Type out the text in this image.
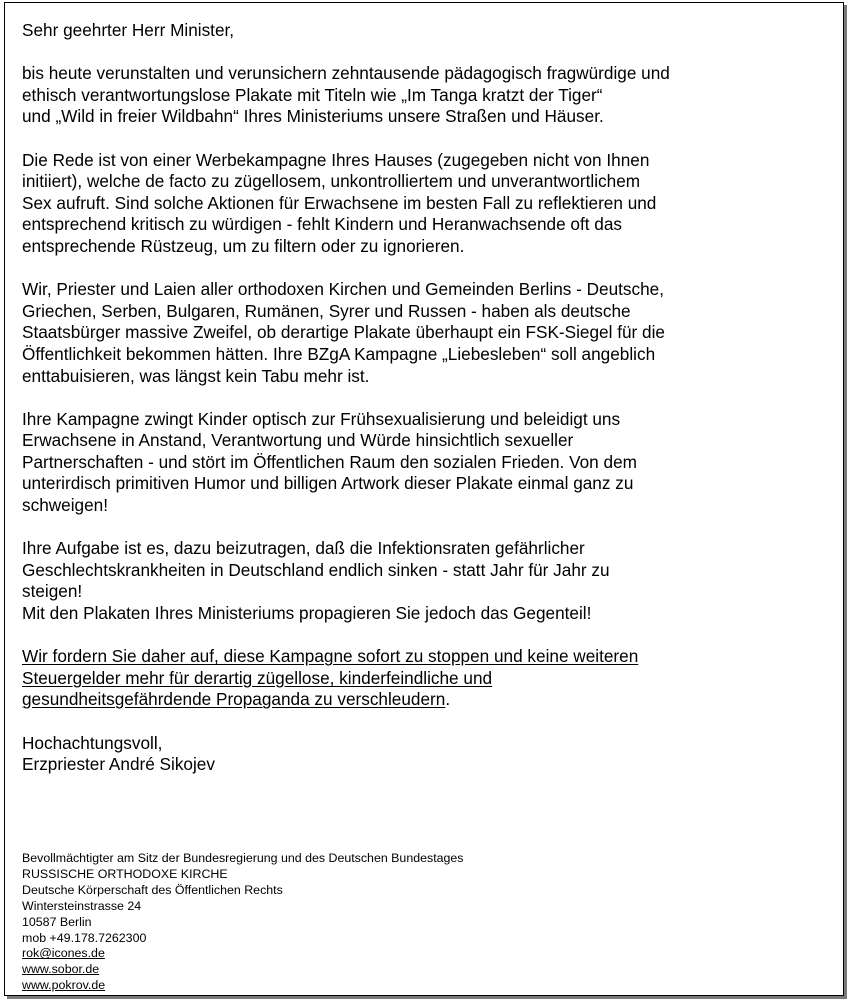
Sehr geehrter Herr Minister,

bis heute verunstalten und verunsichern zehntausende pädagogisch fragwürdige und
ethisch verantwortungslose Plakate mit Titeln wie „Im Tanga kratzt der Tiger“
und „Wild in freier Wildbahn“ Ihres Ministeriums unsere Straßen und Häuser.

Die Rede ist von einer Werbekampagne Ihres Hauses (zugegeben nicht von Ihnen
initiiert), welche de facto zu zügellosem, unkontrolliertem und unverantwortlichem
Sex aufruft. Sind solche Aktionen für Erwachsene im besten Fall zu reflektieren und
entsprechend kritisch zu würdigen - fehlt Kindern und Heranwachsende oft das
entsprechende Rüstzeug, um zu filtern oder zu ignorieren.

Wir, Priester und Laien aller orthodoxen Kirchen und Gemeinden Berlins - Deutsche,
Griechen, Serben, Bulgaren, Rumänen, Syrer und Russen - haben als deutsche
Staatsbürger massive Zweifel, ob derartige Plakate überhaupt ein FSK-Siegel für die
Öffentlichkeit bekommen hätten. Ihre BZgA Kampagne „Liebesleben“ soll angeblich
enttabuisieren, was längst kein Tabu mehr ist.

Ihre Kampagne zwingt Kinder optisch zur Frühsexualisierung und beleidigt uns
Erwachsene in Anstand, Verantwortung und Würde hinsichtlich sexueller
Partnerschaften - und stört im Öffentlichen Raum den sozialen Frieden. Von dem
unterirdisch primitiven Humor und billigen Artwork dieser Plakate einmal ganz zu
schweigen!

Ihre Aufgabe ist es, dazu beizutragen, daß die Infektionsraten gefährlicher
Geschlechtskrankheiten in Deutschland endlich sinken - statt Jahr für Jahr zu
steigen!
Mit den Plakaten Ihres Ministeriums propagieren Sie jedoch das Gegenteil!

Wir fordern Sie daher auf, diese Kampagne sofort zu stoppen und keine weiteren
Steuergelder mehr für derartig zügellose, kinderfeindliche und
gesundheitsgefährdende Propaganda zu verschleudern.

Hochachtungsvoll,
Erzpriester André Sikojev

Bevollmächtigter am Sitz der Bundesregierung und des Deutschen Bundestages
RUSSISCHE ORTHODOXE KIRCHE
Deutsche Körperschaft des Öffentlichen Rechts
Wintersteinstrasse 24
10587 Berlin
mob +49.178.7262300
rok@icones.de
www.sobor.de
www.pokrov.de
